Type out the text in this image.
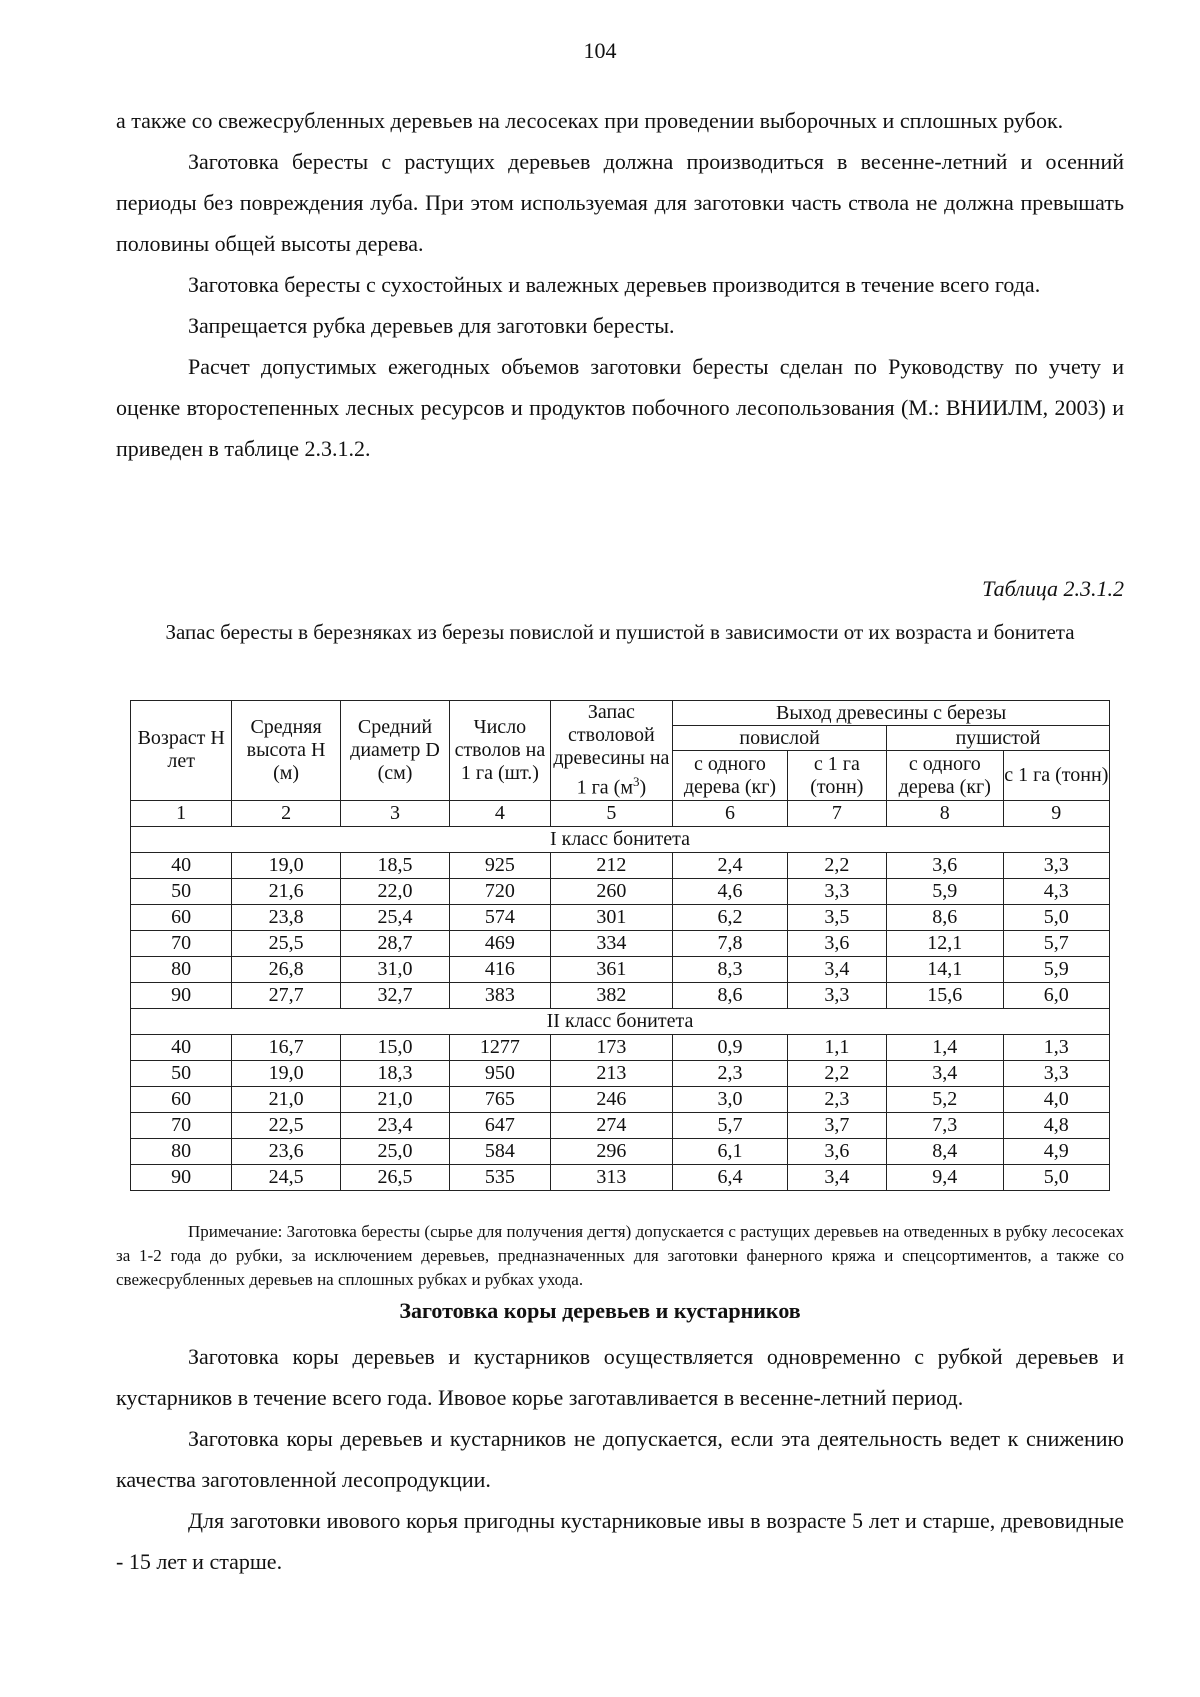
104

а также со свежесрубленных деревьев на лесосеках при проведении выборочных и сплошных рубок.

Заготовка бересты с растущих деревьев должна производиться в весенне-летний и осенний периоды без повреждения луба. При этом используемая для заготовки часть ствола не должна превышать половины общей высоты дерева.

Заготовка бересты с сухостойных и валежных деревьев производится в течение всего года.

Запрещается рубка деревьев для заготовки бересты.

Расчет допустимых ежегодных объемов заготовки бересты сделан по Руководству по учету и оценке второстепенных лесных ресурсов и продуктов побочного лесопользования (М.: ВНИИЛМ, 2003) и приведен в таблице 2.3.1.2.

Таблица 2.3.1.2
Запас бересты в березняках из березы повислой и пушистой в зависимости от их возраста и бонитета
Возраст Н лет	Средняя высота Н (м)	Средний диаметр D (см)	Число стволов на 1 га (шт.)	Запас стволовой древесины на 1 га $(м^3)$	Выход древесины с березы			
					повислой		пушистой	
					с одного дерева (кг)	с 1 га (тонн)	с одного дерева (кг)	с 1 га (тонн)
1	2	3	4	5	6	7	8	9
I класс бонитета								
40	19,0	18,5	925	212	2,4	2,2	3,6	3,3
50	21,6	22,0	720	260	4,6	3,3	5,9	4,3
60	23,8	25,4	574	301	6,2	3,5	8,6	5,0
70	25,5	28,7	469	334	7,8	3,6	12,1	5,7
80	26,8	31,0	416	361	8,3	3,4	14,1	5,9
90	27,7	32,7	383	382	8,6	3,3	15,6	6,0
II класс бонитета								
40	16,7	15,0	1277	173	0,9	1,1	1,4	1,3
50	19,0	18,3	950	213	2,3	2,2	3,4	3,3
60	21,0	21,0	765	246	3,0	2,3	5,2	4,0
70	22,5	23,4	647	274	5,7	3,7	7,3	4,8
80	23,6	25,0	584	296	6,1	3,6	8,4	4,9
90	24,5	26,5	535	313	6,4	3,4	9,4	5,0

Примечание: Заготовка бересты (сырье для получения дегтя) допускается с растущих деревьев на отведенных в рубку лесосеках за 1-2 года до рубки, за исключением деревьев, предназначенных для заготовки фанерного кряжа и спецсортиментов, а также со свежесрубленных деревьев на сплошных рубках и рубках ухода.

Заготовка коры деревьев и кустарников

Заготовка коры деревьев и кустарников осуществляется одновременно с рубкой деревьев и кустарников в течение всего года. Ивовое корье заготавливается в весенне-летний период.

Заготовка коры деревьев и кустарников не допускается, если эта деятельность ведет к снижению качества заготовленной лесопродукции.

Для заготовки ивового корья пригодны кустарниковые ивы в возрасте 5 лет и старше, древовидные - 15 лет и старше.
